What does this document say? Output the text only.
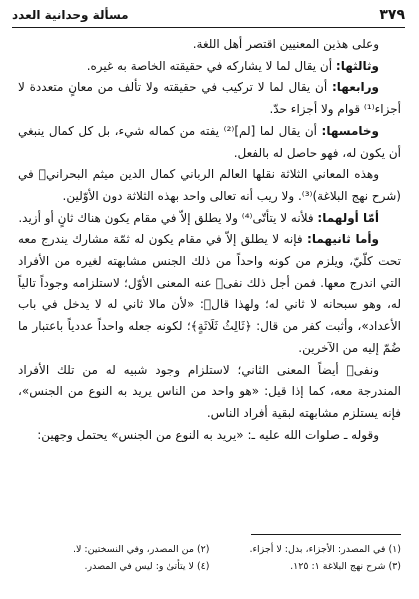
٣٧٩
مسألة وحدانية العدد

وعلى هذين المعنيين اقتصر أهل اللغة.

وثالثها: أن يقال لما لا يشاركه في حقيقته الخاصة به غيره.

ورابعها: أن يقال لما لا تركيب في حقيقته ولا تألف من معانٍ متعددة لا أجزاء⁽¹⁾ قوام ولا أجزاء حدّ.

وخامسها: أن يقال لما [لم]⁽²⁾ يفته من كماله شيء، بل كل كمال ينبغي أن يكون له، فهو حاصل له بالفعل.

وهذه المعاني الثلاثة نقلها العالم الرباني كمال الدين ميثم البحراني﷬ في (شرح نهج البلاغة)⁽³⁾. ولا ريب أنه تعالى واحد بهذه الثلاثة دون الأوّلين.

أمّا أولهما: فلأنه لا يتأتّى⁽⁴⁾ ولا يطلق إلاّ في مقام يكون هناك ثانٍ أو أزيد.

وأما ثانيهما: فإنه لا يطلق إلاّ في مقام يكون له ثمّة مشارك يندرج معه تحت كلّيّ، ويلزم من كونه واحداً من ذلك الجنس مشابهته لغيره من الأفراد التي اندرج معها. فمن أجل ذلك نفى﷬ عنه المعنى الأوّل؛ لاستلزامه وجوداً تالياً له، وهو سبحانه لا ثاني له؛ ولهذا قال﷬: «لأن مالا ثاني له لا يدخل في باب الأعداد»، وأثبت كفر من قال: ﴿ثَالِثُ ثَلَاثَةٍ﴾؛ لكونه جعله واحداً عددياً باعتبار ما ضُمّ إليه من الآخرين.

ونفى﷬ أيضاً المعنى الثاني؛ لاستلزام وجود شبيه له من تلك الأفراد المندرجة معه، كما إذا قيل: «هو واحد من الناس يريد به النوع من الجنس»، فإنه يستلزم مشابهته لبقية أفراد الناس.

وقوله ـ صلوات الله عليه ـ: «يريد به النوع من الجنس» يحتمل وجهين:

(١) في المصدر: الأجزاء، بدل: لا أجزاء.
(٢) من المصدر، وفي النسختين: لا.
(٣) شرح نهج البلاغة ١: ١٢٥.
(٤) لا يتأتىٰ و: ليس في المصدر.
